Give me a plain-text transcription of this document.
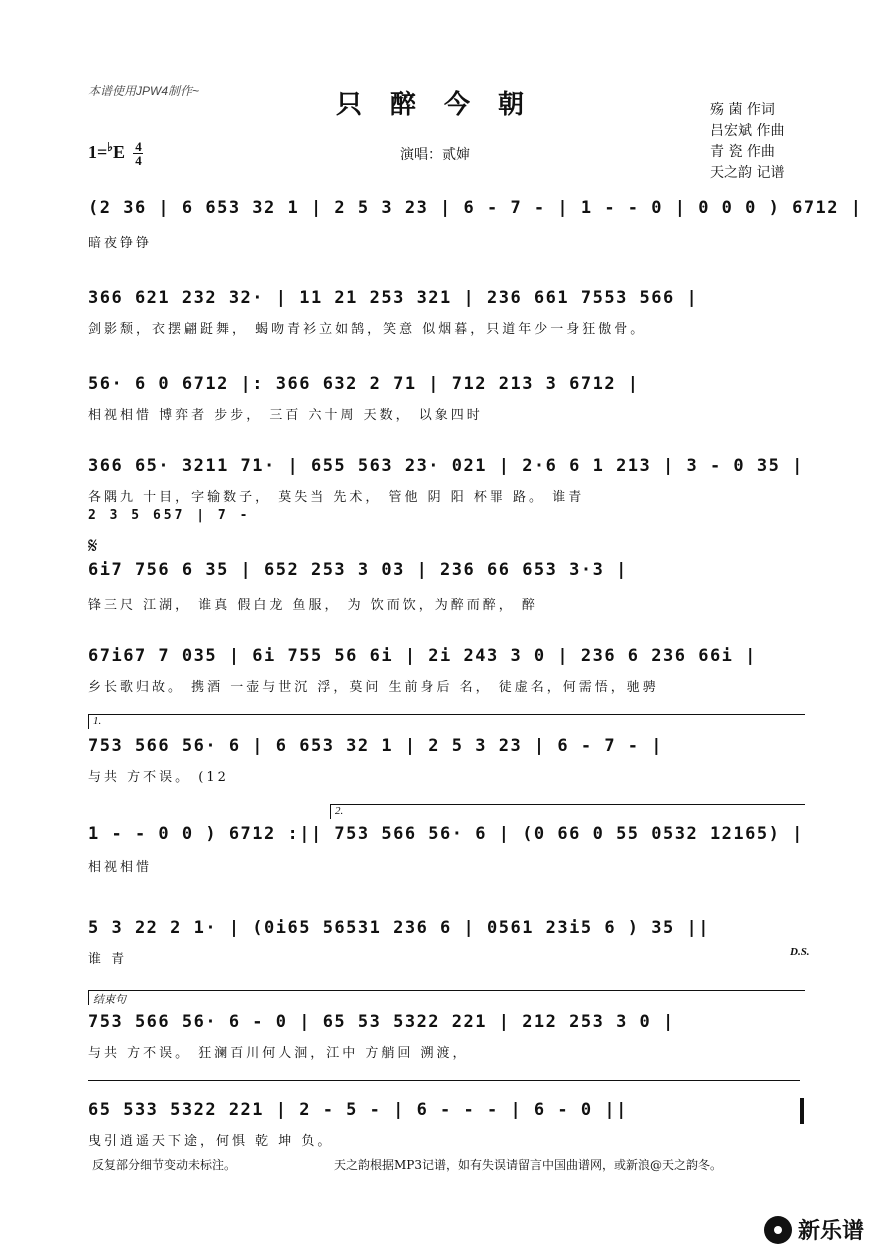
本谱使用JPW4制作~	只醉今朝
$1=^♭E \frac{4}{4}$	演唱：贰婶
殇 菌 作词
吕宏斌 作曲
青 瓷 作曲
天之韵 记谱
(2 36 | 6 653 32 1 | 2 5 3 23 | 6 - 7 - | 1 - - 0 | 0 0 0 ) 6712 |
暗夜铮铮
366 621 232 32· | 11 21 253 321 | 236 661 7553 566 |
剑影颓，衣摆翩跹舞， 蝎吻青衫立如鹄，笑意 似烟暮，只道年少一身狂傲骨。
56· 6 0 6712 |: 366 632 2 71 | 712 213 3 6712 |
相视相惜 博弈者 步步， 三百 六十周 天数， 以象四时
366 65· 3211 71· | 655 563 23· 021 | 2·6 6 1 213 | 3 - 0 35 |
各隅九 十目，字输数子， 莫失当 先术， 管他 阴 阳 杯罪 路。 谁青
2 3 5 657 | 7 -
𝄋
6i7 756 6 35 | 652 253 3 03 | 236 66 653 3·3 |
锋三尺 江湖， 谁真 假白龙 鱼服， 为 饮而饮，为醉而醉， 醉
67i67 7 035 | 6i 755 56 6i | 2i 243 3 0 | 236 6 236 66i |
乡长歌归故。 携酒 一壶与世沉 浮，莫问 生前身后 名， 徒虚名，何需悟，驰骋
1.
753 566 56· 6 | 6 653 32 1 | 2 5 3 23 | 6 - 7 - |
与共 方不误。 (12
2.
1 - - 0 0 ) 6712 :|| 753 566 56· 6 | (0 66 0 55 0532 12165) |
相视相惜
5 3 22 2 1· | (0i65 56531 236 6 | 0561 23i5 6 ) 35 ||
谁 青	D.S.
结束句
753 566 56· 6 - 0 | 65 53 5322 221 | 212 253 3 0 |
与共 方不误。 狂澜百川何人洄，江中 方艄回 溯渡，
65 533 5322 221 | 2 - 5 - | 6 - - - | 6 - 0 ||
曳引逍遥天下途，何惧 乾 坤 负。
反复部分细节变动未标注。	天之韵根据MP3记谱，如有失误请留言中国曲谱网，或新浪@天之韵冬。
新乐谱
